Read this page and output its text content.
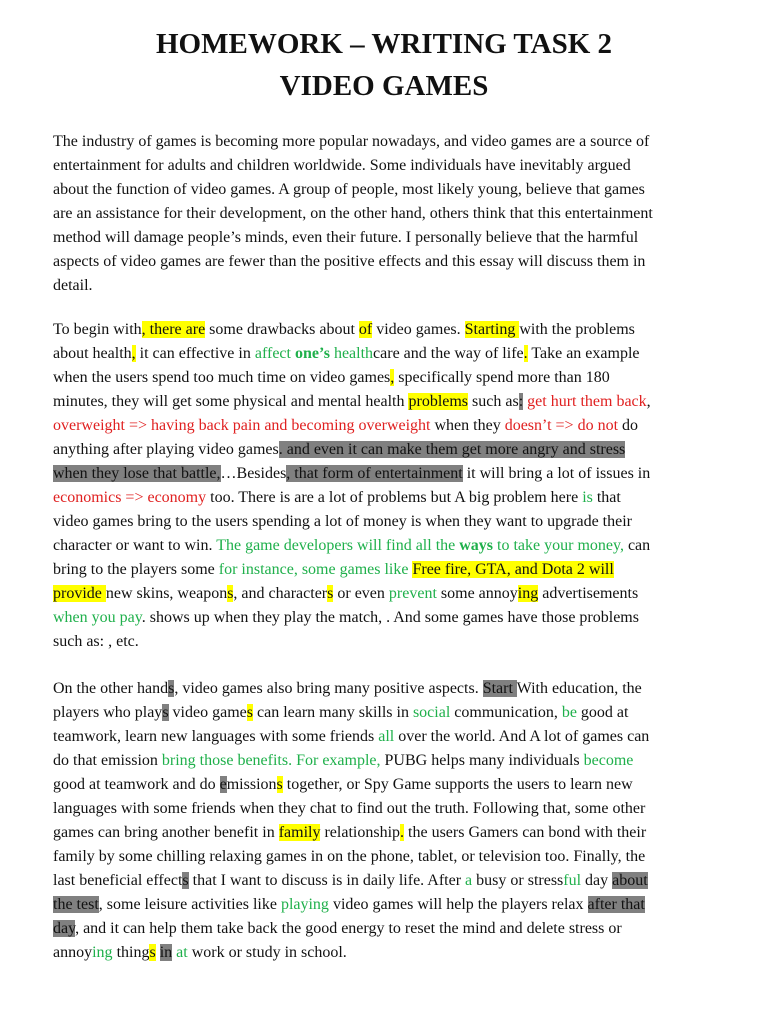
HOMEWORK – WRITING TASK 2
VIDEO GAMES
The industry of games is becoming more popular nowadays, and video games are a source of
entertainment for adults and children worldwide. Some individuals have inevitably argued
about the function of video games. A group of people, most likely young, believe that games
are an assistance for their development, on the other hand, others think that this entertainment
method will damage people’s minds, even their future. I personally believe that the harmful
aspects of video games are fewer than the positive effects and this essay will discuss them in
detail.
To begin with, there are some drawbacks about of video games. Starting with the problems
about health, it can effective in affect one’s healthcare and the way of life. Take an example
when the users spend too much time on video games, specifically spend more than 180
minutes, they will get some physical and mental health problems such as: get hurt them back,
overweight => having back pain and becoming overweight when they doesn’t => do not do
anything after playing video games. and even it can make them get more angry and stress
when they lose that battle,…Besides, that form of entertainment it will bring a lot of issues in
economics => economy too. There is are a lot of problems but A big problem here is that
video games bring to the users spending a lot of money is when they want to upgrade their
character or want to win. The game developers will find all the ways to take your money, can
bring to the players some for instance, some games like Free fire, GTA, and Dota 2 will
provide new skins, weapons, and characters or even prevent some annoying advertisements
when you pay. shows up when they play the match, . And some games have those problems
such as: , etc.
On the other hands, video games also bring many positive aspects. Start With education, the
players who plays video games can learn many skills in social communication, be good at
teamwork, learn new languages with some friends all over the world. And A lot of games can
do that emission bring those benefits. For example, PUBG helps many individuals become
good at teamwork and do emissions together, or Spy Game supports the users to learn new
languages with some friends when they chat to find out the truth. Following that, some other
games can bring another benefit in family relationship. the users Gamers can bond with their
family by some chilling relaxing games in on the phone, tablet, or television too. Finally, the
last beneficial effects that I want to discuss is in daily life. After a busy or stressful day about
the test, some leisure activities like playing video games will help the players relax after that
day, and it can help them take back the good energy to reset the mind and delete stress or
annoying things in at work or study in school.
